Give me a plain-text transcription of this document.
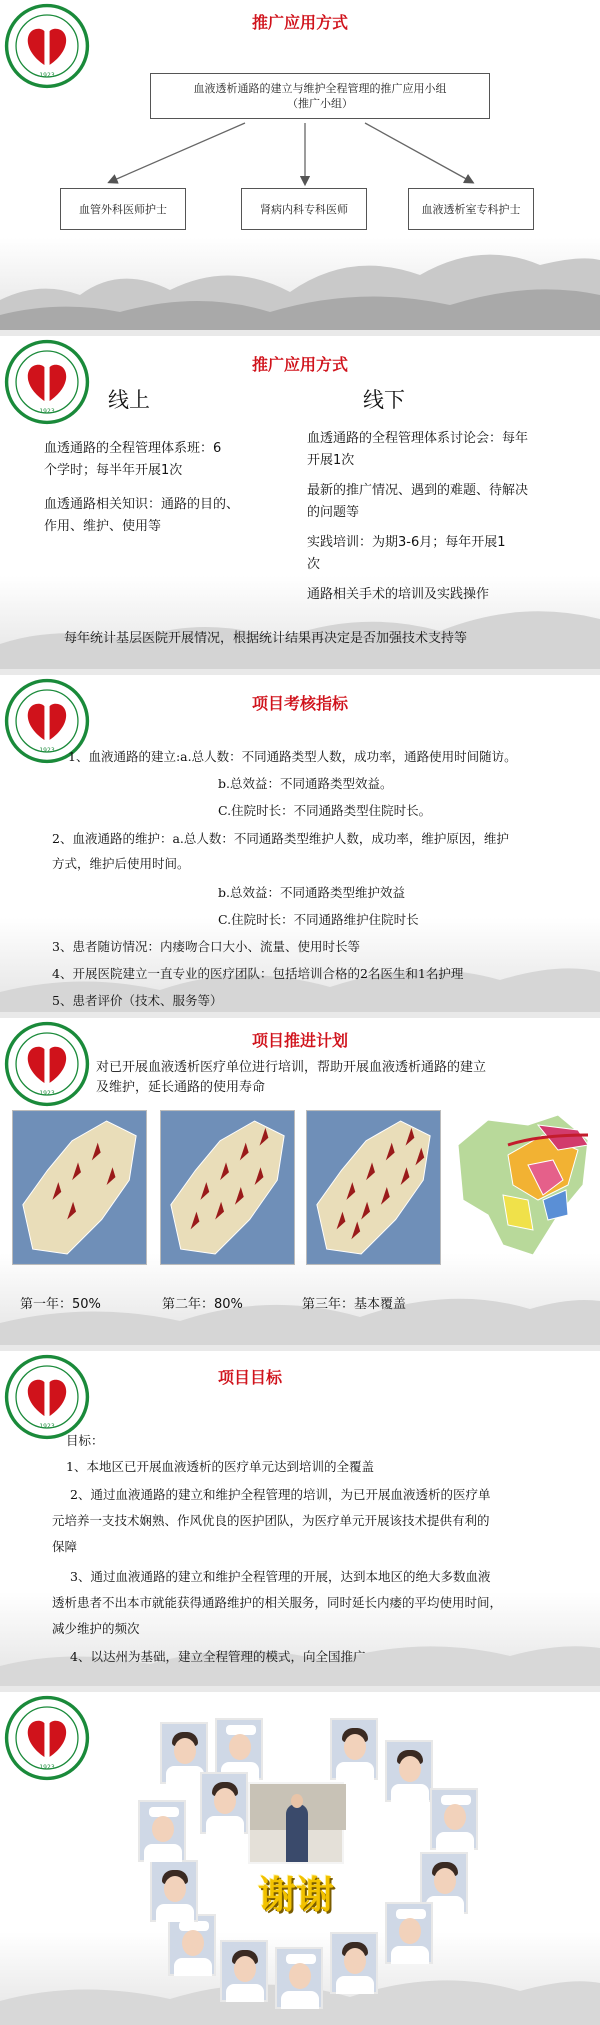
1923
推广应用方式
血液透析通路的建立与维护全程管理的推广应用小组
（推广小组）
血管外科医师护士	肾病内科专科医师	血液透析室专科护士
1923
推广应用方式
线上	线下
血透通路的全程管理体系班：6
个学时；每半年开展1次
血透通路相关知识：通路的目的、
作用、维护、使用等
血透通路的全程管理体系讨论会：每年
开展1次
最新的推广情况、遇到的难题、待解决
的问题等
实践培训：为期3-6月；每年开展1
次
通路相关手术的培训及实践操作
每年统计基层医院开展情况，根据统计结果再决定是否加强技术支持等
1923
项目考核指标
1、血液通路的建立:a.总人数：不同通路类型人数，成功率，通路使用时间随访。
b.总效益：不同通路类型效益。
C.住院时长：不同通路类型住院时长。
2、血液通路的维护：a.总人数：不同通路类型维护人数，成功率，维护原因，维护
方式，维护后使用时间。
b.总效益：不同通路类型维护效益
C.住院时长：不同通路维护住院时长
3、患者随访情况：内瘘吻合口大小、流量、使用时长等
4、开展医院建立一直专业的医疗团队：包括培训合格的2名医生和1名护理
5、患者评价（技术、服务等）
1923
项目推进计划
对已开展血液透析医疗单位进行培训，帮助开展血液透析通路的建立
及维护，延长通路的使用寿命
第一年：50%	第二年：80%	第三年：基本覆盖
1923
项目目标
目标：
1、本地区已开展血液透析的医疗单元达到培训的全覆盖
2、通过血液通路的建立和维护全程管理的培训，为已开展血液透析的医疗单
元培养一支技术娴熟、作风优良的医护团队，为医疗单元开展该技术提供有利的
保障
3、通过血液通路的建立和维护全程管理的开展，达到本地区的绝大多数血液
透析患者不出本市就能获得通路维护的相关服务，同时延长内瘘的平均使用时间，
减少维护的频次
4、以达州为基础，建立全程管理的模式，向全国推广
1923
谢谢
